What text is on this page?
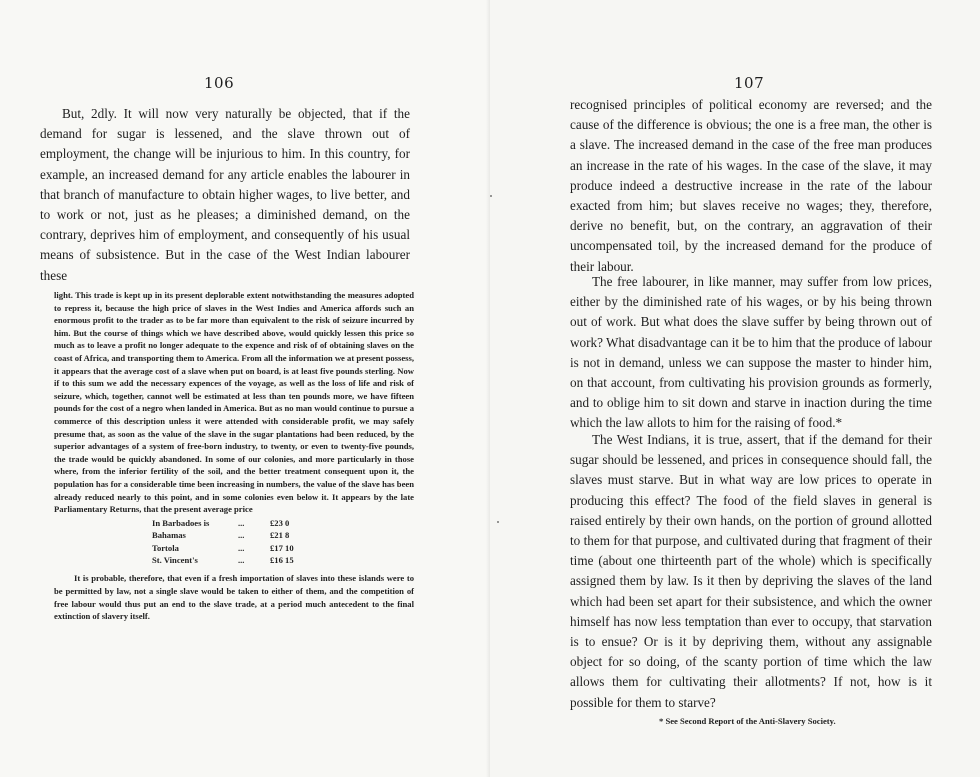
106

But, 2dly. It will now very naturally be objected, that if the demand for sugar is lessened, and the slave thrown out of employment, the change will be injurious to him. In this country, for example, an increased demand for any article enables the labourer in that branch of manufacture to obtain higher wages, to live better, and to work or not, just as he pleases; a diminished demand, on the contrary, deprives him of employment, and consequently of his usual means of subsistence. But in the case of the West Indian labourer these

light. This trade is kept up in its present deplorable extent notwithstanding the measures adopted to repress it, because the high price of slaves in the West Indies and America affords such an enormous profit to the trader as to be far more than equivalent to the risk of seizure incurred by him. But the course of things which we have described above, would quickly lessen this price so much as to leave a profit no longer adequate to the expence and risk of of obtaining slaves on the coast of Africa, and transporting them to America. From all the information we at present possess, it appears that the average cost of a slave when put on board, is at least five pounds sterling. Now if to this sum we add the necessary expences of the voyage, as well as the loss of life and risk of seizure, which, together, cannot well be estimated at less than ten pounds more, we have fifteen pounds for the cost of a negro when landed in America. But as no man would continue to pursue a commerce of this description unless it were attended with considerable profit, we may safely presume that, as soon as the value of the slave in the sugar plantations had been reduced, by the superior advantages of a system of free-born industry, to twenty, or even to twenty-five pounds, the trade would be quickly abandoned. In some of our colonies, and more particularly in those where, from the inferior fertility of the soil, and the better treatment consequent upon it, the population has for a considerable time been increasing in numbers, the value of the slave has been already reduced nearly to this point, and in some colonies even below it. It appears by the late Parliamentary Returns, that the present average price

In Barbadoes is	...	£23 0
Bahamas	...	£21 8
Tortola	...	£17 10
St. Vincent's	...	£16 15

It is probable, therefore, that even if a fresh importation of slaves into these islands were to be permitted by law, not a single slave would be taken to either of them, and the competition of free labour would thus put an end to the slave trade, at a period much antecedent to the final extinction of slavery itself.

107

recognised principles of political economy are reversed; and the cause of the difference is obvious; the one is a free man, the other is a slave. The increased demand in the case of the free man produces an increase in the rate of his wages. In the case of the slave, it may produce indeed a destructive increase in the rate of the labour exacted from him; but slaves receive no wages; they, therefore, derive no benefit, but, on the contrary, an aggravation of their uncompensated toil, by the increased demand for the produce of their labour.

The free labourer, in like manner, may suffer from low prices, either by the diminished rate of his wages, or by his being thrown out of work. But what does the slave suffer by being thrown out of work? What disadvantage can it be to him that the produce of labour is not in demand, unless we can suppose the master to hinder him, on that account, from cultivating his provision grounds as formerly, and to oblige him to sit down and starve in inaction during the time which the law allots to him for the raising of food.*

The West Indians, it is true, assert, that if the demand for their sugar should be lessened, and prices in consequence should fall, the slaves must starve. But in what way are low prices to operate in producing this effect? The food of the field slaves in general is raised entirely by their own hands, on the portion of ground allotted to them for that purpose, and cultivated during that fragment of their time (about one thirteenth part of the whole) which is specifically assigned them by law. Is it then by depriving the slaves of the land which had been set apart for their subsistence, and which the owner himself has now less temptation than ever to occupy, that starvation is to ensue? Or is it by depriving them, without any assignable object for so doing, of the scanty portion of time which the law allows them for cultivating their allotments? If not, how is it possible for them to starve?

* See Second Report of the Anti-Slavery Society.
